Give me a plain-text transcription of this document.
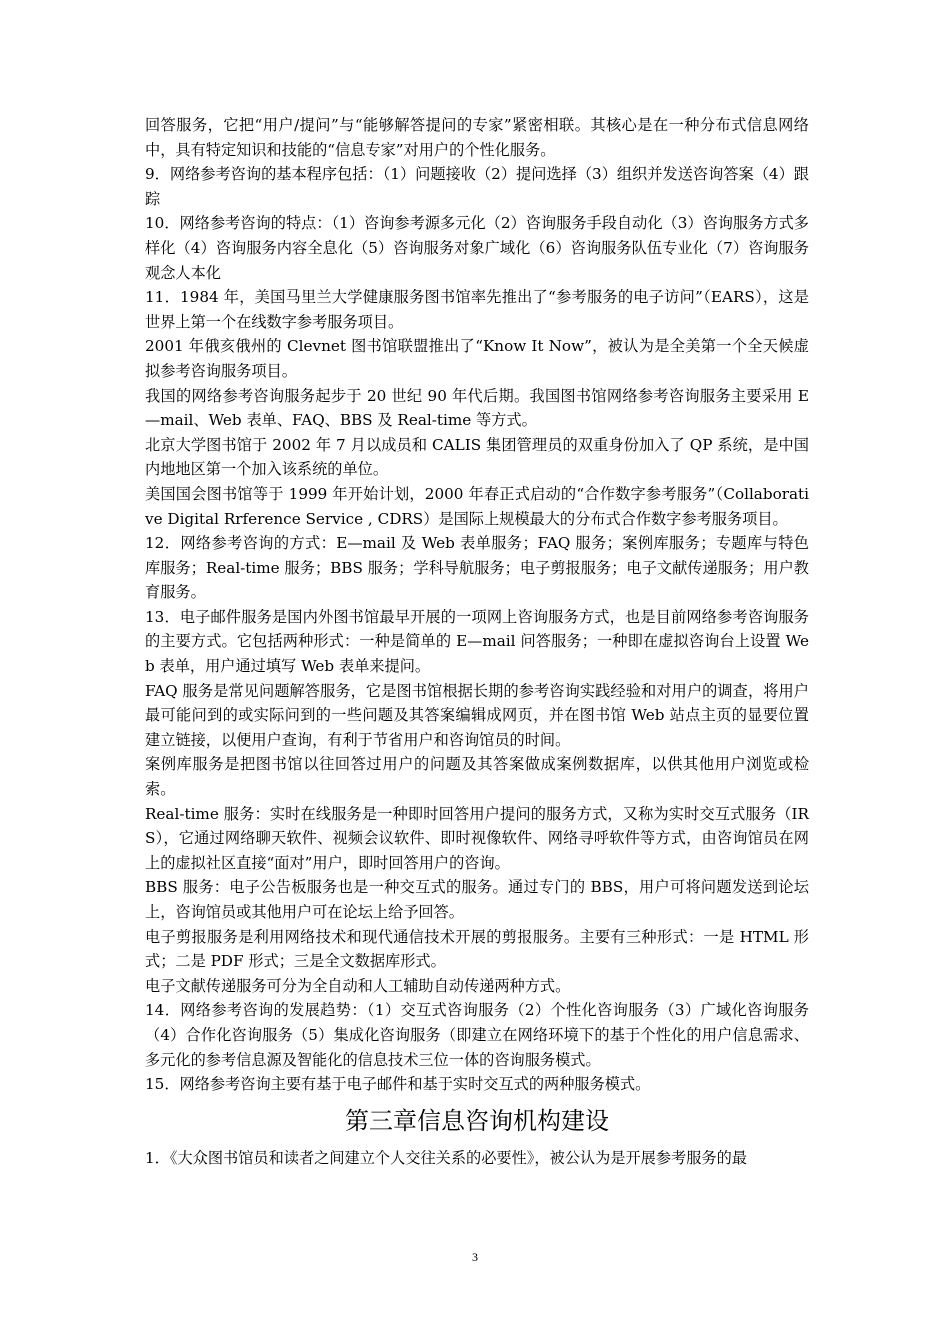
回答服务，它把“用户/提问”与“能够解答提问的专家”紧密相联。其核心是在一种分布式信息网络中，具有特定知识和技能的“信息专家”对用户的个性化服务。

9．网络参考咨询的基本程序包括：（1）问题接收（2）提问选择（3）组织并发送咨询答案（4）跟踪

10．网络参考咨询的特点：（1）咨询参考源多元化（2）咨询服务手段自动化（3）咨询服务方式多样化（4）咨询服务内容全息化（5）咨询服务对象广域化（6）咨询服务队伍专业化（7）咨询服务观念人本化

11．1984 年，美国马里兰大学健康服务图书馆率先推出了“参考服务的电子访问”（EARS），这是世界上第一个在线数字参考服务项目。

2001 年俄亥俄州的 Clevnet 图书馆联盟推出了“Know It Now”，被认为是全美第一个全天候虚拟参考咨询服务项目。

我国的网络参考咨询服务起步于 20 世纪 90 年代后期。我国图书馆网络参考咨询服务主要采用 E—mail、Web 表单、FAQ、BBS 及 Real-time 等方式。

北京大学图书馆于 2002 年 7 月以成员和 CALIS 集团管理员的双重身份加入了 QP 系统，是中国内地地区第一个加入该系统的单位。

美国国会图书馆等于 1999 年开始计划，2000 年春正式启动的“合作数字参考服务”（Collaborative Digital Rrference Service , CDRS）是国际上规模最大的分布式合作数字参考服务项目。

12．网络参考咨询的方式：E—mail 及 Web 表单服务；FAQ 服务；案例库服务；专题库与特色库服务；Real-time 服务；BBS 服务；学科导航服务；电子剪报服务；电子文献传递服务；用户教育服务。

13．电子邮件服务是国内外图书馆最早开展的一项网上咨询服务方式，也是目前网络参考咨询服务的主要方式。它包括两种形式：一种是简单的 E—mail 问答服务；一种即在虚拟咨询台上设置 Web 表单，用户通过填写 Web 表单来提问。

FAQ 服务是常见问题解答服务，它是图书馆根据长期的参考咨询实践经验和对用户的调查，将用户最可能问到的或实际问到的一些问题及其答案编辑成网页，并在图书馆 Web 站点主页的显要位置建立链接，以便用户查询，有利于节省用户和咨询馆员的时间。

案例库服务是把图书馆以往回答过用户的问题及其答案做成案例数据库，以供其他用户浏览或检索。

Real-time 服务：实时在线服务是一种即时回答用户提问的服务方式，又称为实时交互式服务（IRS），它通过网络聊天软件、视频会议软件、即时视像软件、网络寻呼软件等方式，由咨询馆员在网上的虚拟社区直接“面对”用户，即时回答用户的咨询。

BBS 服务：电子公告板服务也是一种交互式的服务。通过专门的 BBS，用户可将问题发送到论坛上，咨询馆员或其他用户可在论坛上给予回答。

电子剪报服务是利用网络技术和现代通信技术开展的剪报服务。主要有三种形式：一是 HTML 形式；二是 PDF 形式；三是全文数据库形式。

电子文献传递服务可分为全自动和人工辅助自动传递两种方式。

14．网络参考咨询的发展趋势：（1）交互式咨询服务（2）个性化咨询服务（3）广域化咨询服务（4）合作化咨询服务（5）集成化咨询服务（即建立在网络环境下的基于个性化的用户信息需求、多元化的参考信息源及智能化的信息技术三位一体的咨询服务模式。

15．网络参考咨询主要有基于电子邮件和基于实时交互式的两种服务模式。

第三章信息咨询机构建设

1．《大众图书馆员和读者之间建立个人交往关系的必要性》，被公认为是开展参考服务的最

3
